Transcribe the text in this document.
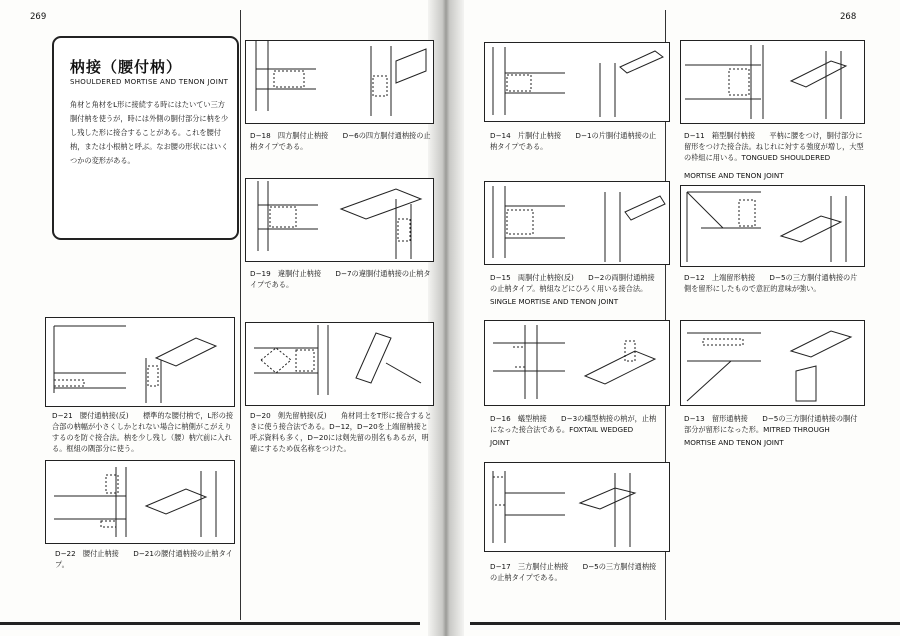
269	268
枘接（腰付枘）
SHOULDERED MORTISE AND TENON JOINT
角材と角材をL形に接続する時にはたいてい三方胴付枘を使うが，時には外側の胴付部分に枘を少し残した形に接合することがある。これを腰付枘，または小根枘と呼ぶ。なお腰の形状にはいくつかの変形がある。
D−18　四方胴付止枘接　　D−6の四方胴付通枘接の止枘タイプである。
D−19　違胴付止枘接　　D−7の違胴付通枘接の止枘タイプである。
D−21　腰付通枘接(反)　　標準的な腰付枘で，L形の接合部の枘幅が小さくしかとれない場合に枘側がこがえりするのを防ぐ接合法。枘を少し残し（腰）枘穴前に入れる。框組の隅部分に使う。
D−20　剣先留枘接(反)　　角材同士をT形に接合するときに使う接合法である。D−12，D−20を上端留枘接と呼ぶ資料も多く，D−20には剣先留の別名もあるが，明確にするため仮名称をつけた。
D−22　腰付止枘接　　D−21の腰付通枘接の止枘タイプ。
D−14　片胴付止枘接　　D−1の片胴付通枘接の止枘タイプである。
D−15　両胴付止枘接(反)　　D−2の両胴付通枘接の止枘タイプ。枘組などにひろく用いる接合法。
SINGLE MORTISE AND TENON JOINT
D−16　蟻型枘接　　D−3の蟻型枘接の枘が，止枘になった接合法である。FOXTAIL WEDGED
JOINT
D−17　三方胴付止枘接　　D−5の三方胴付通枘接の止枘タイプである。
D−11　箱型胴付枘接　　平枘に腰をつけ，胴付部分に留形をつけた接合法。ねじれに対する強度が増し，大型の枠組に用いる。TONGUED SHOULDERED
MORTISE AND TENON JOINT
D−12　上端留形枘接　　D−5の三方胴付通枘接の片側を留形にしたもので意匠的意味が強い。
D−13　留形通枘接　　D−5の三方胴付通枘接の胴付部分が留形になった形。MITRED THROUGH
MORTISE AND TENON JOINT
